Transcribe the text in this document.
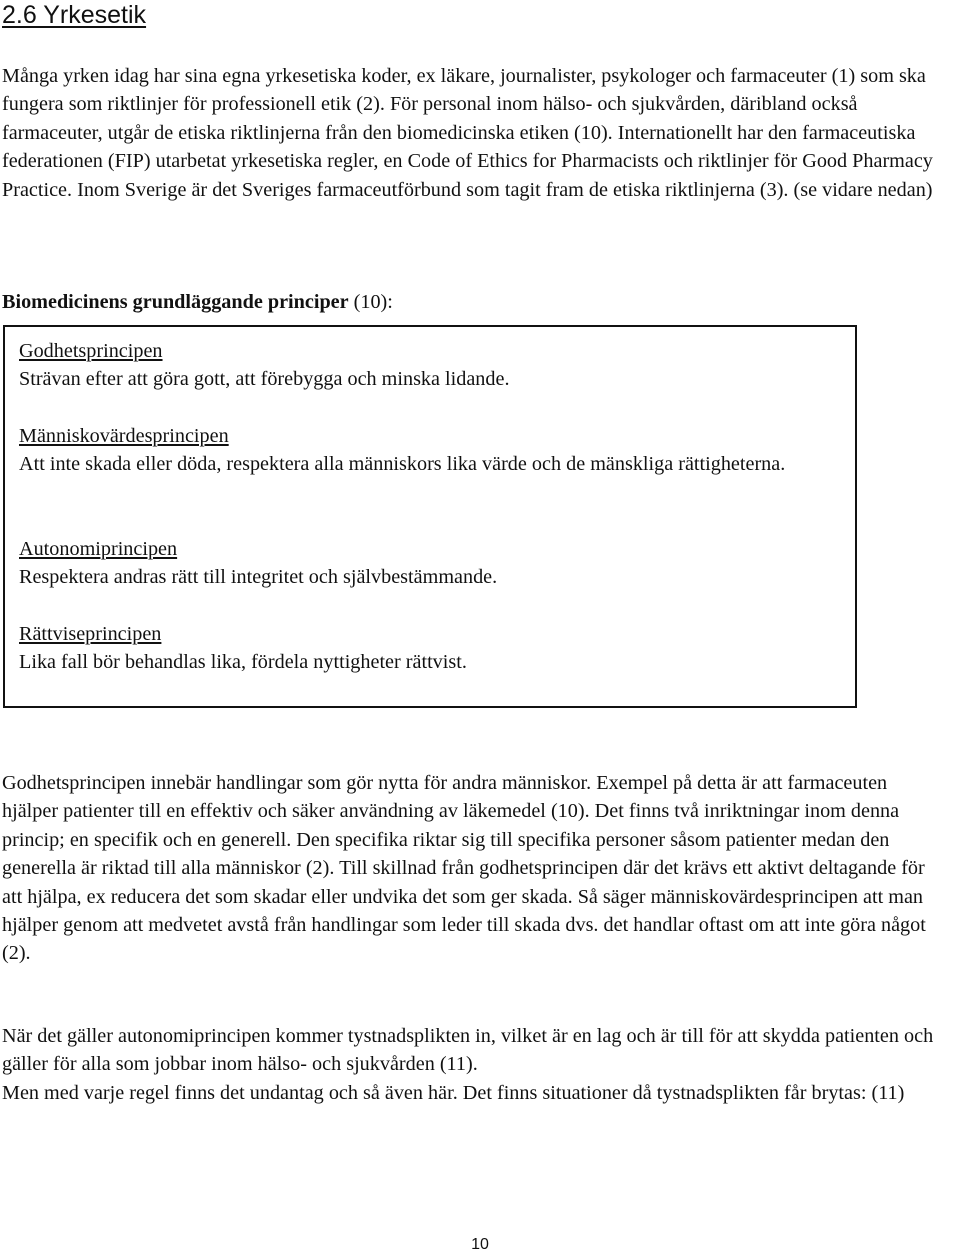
2.6 Yrkesetik

Många yrken idag har sina egna yrkesetiska koder, ex läkare, journalister, psykologer och farmaceuter (1) som ska fungera som riktlinjer för professionell etik (2). För personal inom hälso- och sjukvården, däribland också farmaceuter, utgår de etiska riktlinjerna från den biomedicinska etiken (10). Internationellt har den farmaceutiska federationen (FIP) utarbetat yrkesetiska regler, en Code of Ethics for Pharmacists och riktlinjer för Good Pharmacy Practice. Inom Sverige är det Sveriges farmaceutförbund som tagit fram de etiska riktlinjerna (3). (se vidare nedan)

Biomedicinens grundläggande principer (10):

Godhetsprincipen
Strävan efter att göra gott, att förebygga och minska lidande.
Människovärdesprincipen
Att inte skada eller döda, respektera alla människors lika värde och de mänskliga rättigheterna.
Autonomiprincipen
Respektera andras rätt till integritet och självbestämmande.
Rättviseprincipen
Lika fall bör behandlas lika, fördela nyttigheter rättvist.

Godhetsprincipen innebär handlingar som gör nytta för andra människor. Exempel på detta är att farmaceuten hjälper patienter till en effektiv och säker användning av läkemedel (10). Det finns två inriktningar inom denna princip; en specifik och en generell. Den specifika riktar sig till specifika personer såsom patienter medan den generella är riktad till alla människor (2). Till skillnad från godhetsprincipen där det krävs ett aktivt deltagande för att hjälpa, ex reducera det som skadar eller undvika det som ger skada. Så säger människovärdesprincipen att man hjälper genom att medvetet avstå från handlingar som leder till skada dvs. det handlar oftast om att inte göra något (2).

När det gäller autonomiprincipen kommer tystnadsplikten in, vilket är en lag och är till för att skydda patienten och gäller för alla som jobbar inom hälso- och sjukvården (11).
Men med varje regel finns det undantag och så även här. Det finns situationer då tystnadsplikten får brytas: (11)

10
